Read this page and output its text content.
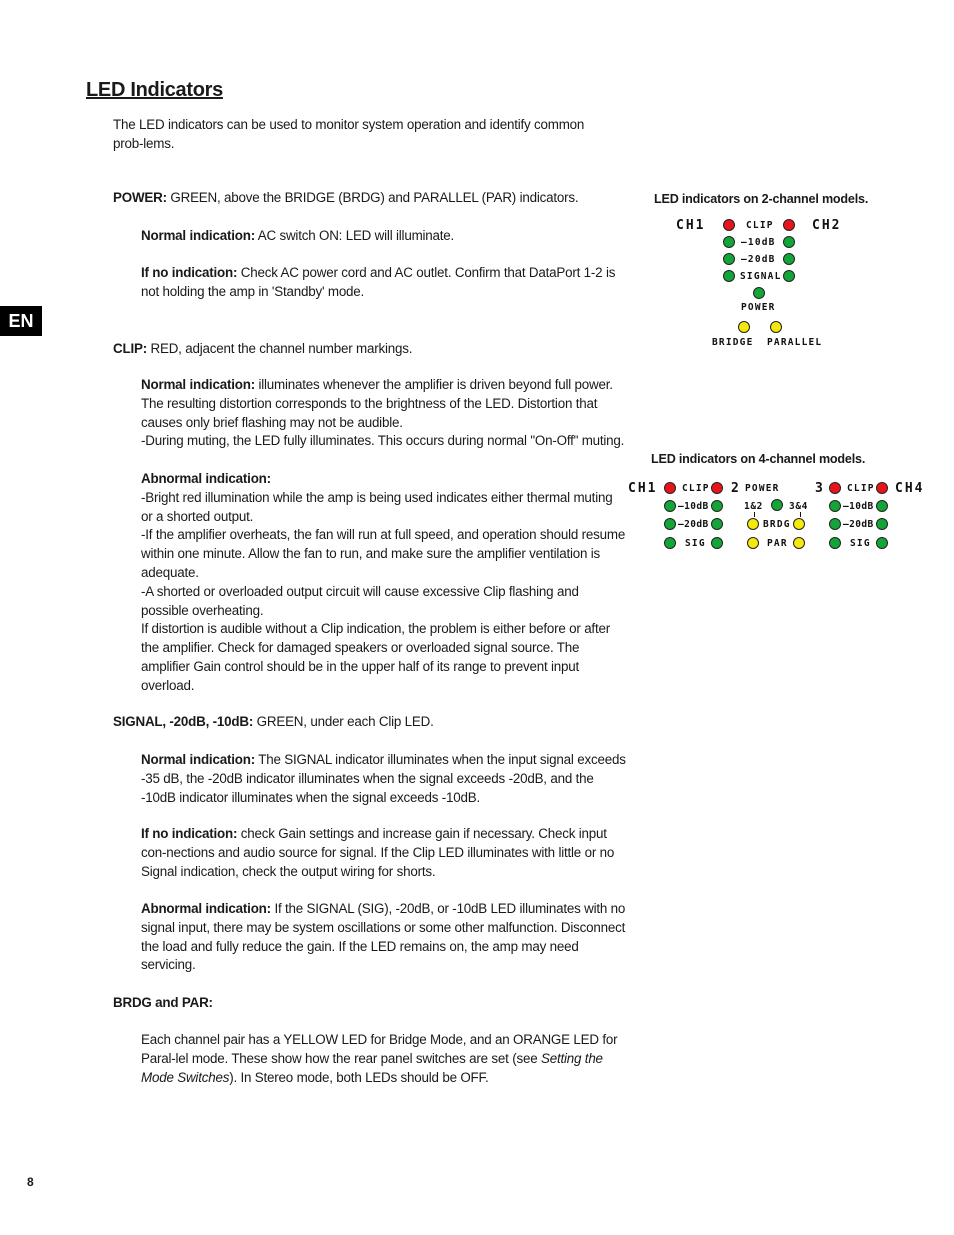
LED Indicators
EN
The LED indicators can be used to monitor system operation and identify common prob-lems.
POWER: GREEN, above the BRIDGE (BRDG) and PARALLEL (PAR) indicators.
Normal indication: AC switch ON: LED will illuminate.
If no indication: Check AC power cord and AC outlet. Confirm that DataPort 1-2 is not holding the amp in 'Standby' mode.
CLIP: RED, adjacent the channel number markings.
Normal indication: illuminates whenever the amplifier is driven beyond full power. The resulting distortion corresponds to the brightness of the LED. Distortion that causes only brief flashing may not be audible.
-During muting, the LED fully illuminates. This occurs during normal "On-Off" muting.
Abnormal indication:
-Bright red illumination while the amp is being used indicates either thermal muting or a shorted output.
-If the amplifier overheats, the fan will run at full speed, and operation should resume within one minute. Allow the fan to run, and make sure the amplifier ventilation is adequate.
-A shorted or overloaded output circuit will cause excessive Clip flashing and possible overheating.
If distortion is audible without a Clip indication, the problem is either before or after the amplifier. Check for damaged speakers or overloaded signal source. The amplifier Gain control should be in the upper half of its range to prevent input overload.
SIGNAL, -20dB, -10dB: GREEN, under each Clip LED.
Normal indication: The SIGNAL indicator illuminates when the input signal exceeds -35 dB, the -20dB indicator illuminates when the signal exceeds -20dB, and the -10dB indicator illuminates when the signal exceeds -10dB.
If no indication: check Gain settings and increase gain if necessary. Check input con-nections and audio source for signal. If the Clip LED illuminates with little or no Signal indication, check the output wiring for shorts.
Abnormal indication: If the SIGNAL (SIG), -20dB, or -10dB LED illuminates with no signal input, there may be system oscillations or some other malfunction. Disconnect the load and fully reduce the gain. If the LED remains on, the amp may need servicing.
BRDG and PAR:
Each channel pair has a YELLOW LED for Bridge Mode, and an ORANGE LED for Paral-lel mode. These show how the rear panel switches are set (see Setting the Mode Switches). In Stereo mode, both LEDs should be OFF.
8
LED indicators on 2-channel models.
CH1	CH2
CLIP
–10dB
–20dB
SIGNAL
POWER
BRIDGE PARALLEL
LED indicators on 4-channel models.
CH1	2	3	CH4
CLIP
–10dB
–20dB
SIG
POWER
1&2	3&4
BRDG
PAR
CLIP
–10dB
–20dB
SIG
